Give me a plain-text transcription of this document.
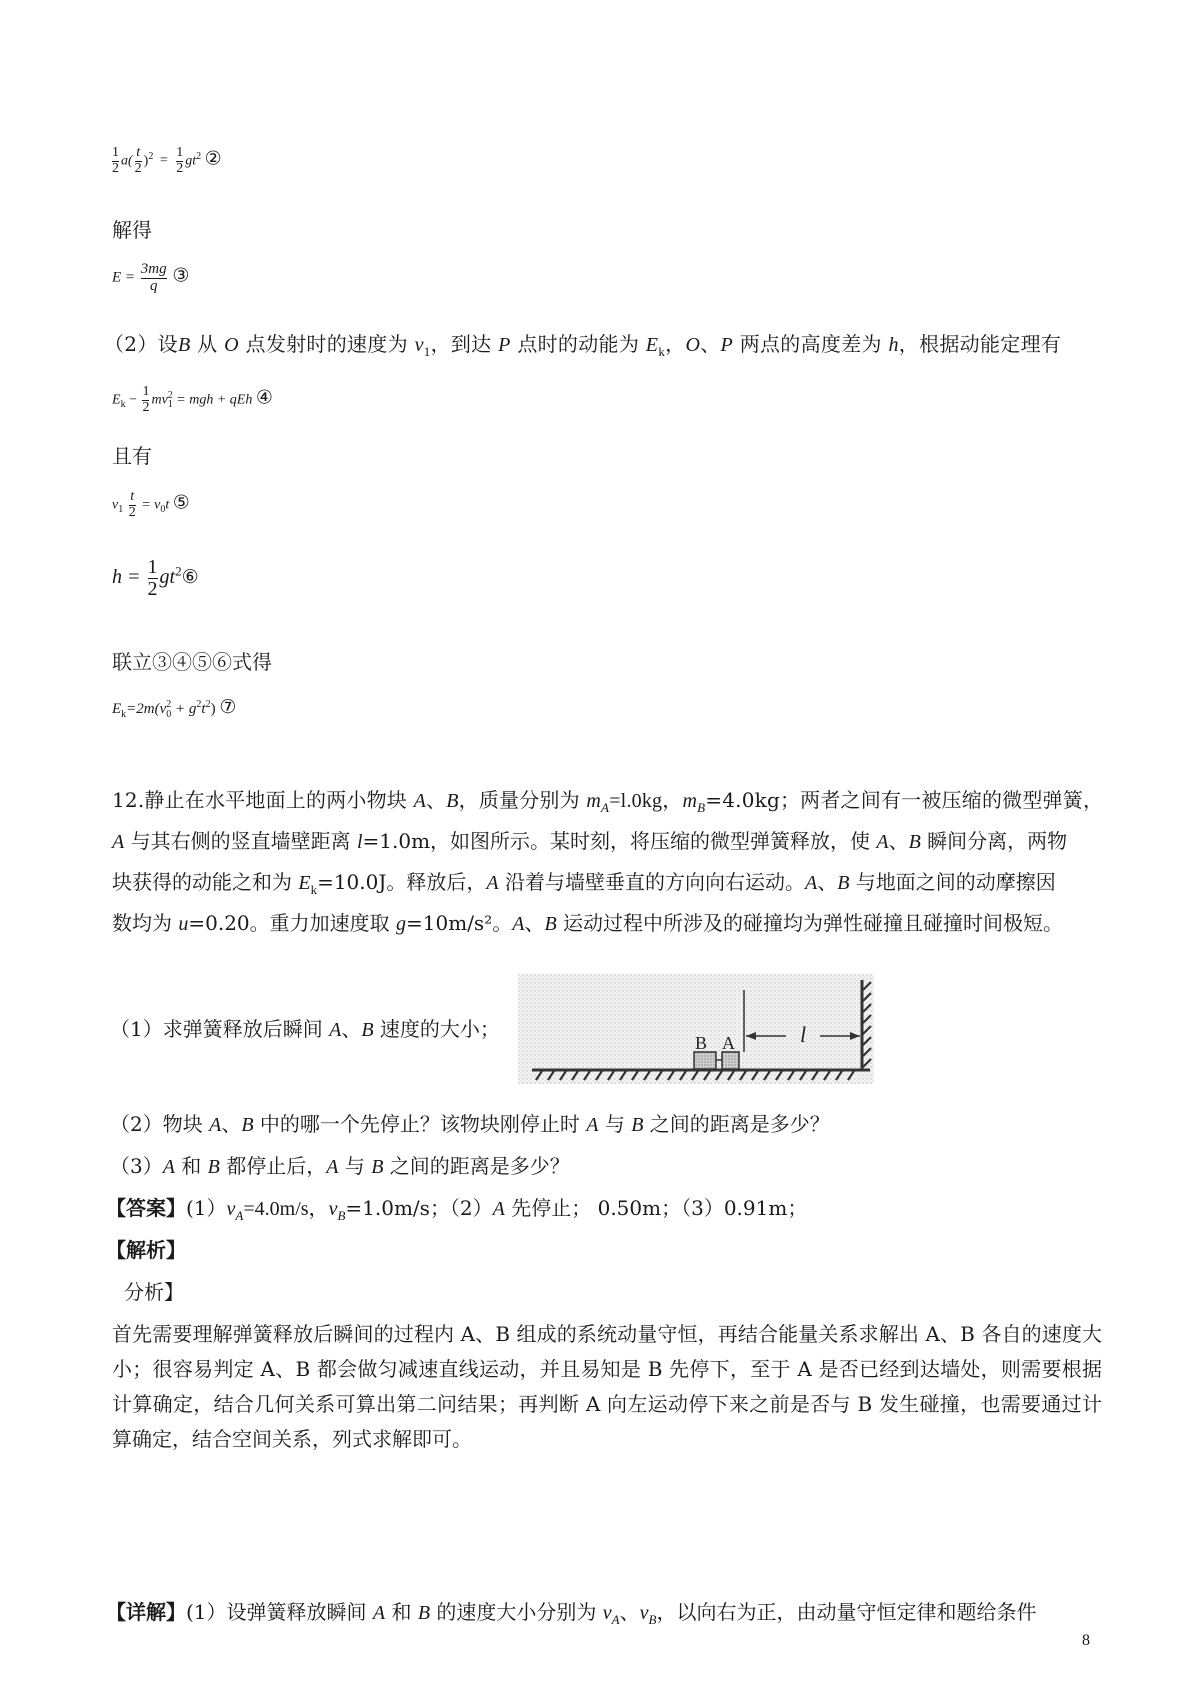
$\frac{1}{2} a( \frac{t}{2} )^2 = \frac{1}{2} gt^2$ ②
解得
$E = \frac{3mg}{q}$ ③
（2）设B 从 O 点发射时的速度为 $v_1$，到达 P 点时的动能为 $E_k$，O、P 两点的高度差为 h，根据动能定理有
$E_k - \frac{1}{2} mv_1^2$ = mgh + qEh ④
且有
$v_1 \frac{t}{2} = v_0t$ ⑤
$h = \frac{1}{2}$ $gt^2⑥$
联立③④⑤⑥式得
$E_k=2m(v_0^2 + g^2t^2)$ ⑦
12.静止在水平地面上的两小物块 A、B，质量分别为 $m_A=l.0kg$，$m_B=4.0kg$；两者之间有一被压缩的微型弹簧，
A 与其右侧的竖直墙壁距离 l=1.0m，如图所示。某时刻，将压缩的微型弹簧释放，使 A、B 瞬间分离，两物
块获得的动能之和为 $E_k=10.0J$。释放后，A 沿着与墙壁垂直的方向向右运动。A、B 与地面之间的动摩擦因
数均为 u=0.20。重力加速度取 g=10m/s²。A、B 运动过程中所涉及的碰撞均为弹性碰撞且碰撞时间极短。
（1）求弹簧释放后瞬间 A、B 速度的大小；
B A	l
（2）物块 A、B 中的哪一个先停止？该物块刚停止时 A 与 B 之间的距离是多少？
（3）A 和 B 都停止后，A 与 B 之间的距离是多少？
【答案】$(1)v_A=4.0m/s$，$v_B=1.0m/s$；（2）A 先停止； 0.50m；（3）0.91m；
【解析】
分析】
首先需要理解弹簧释放后瞬间的过程内 A、B 组成的系统动量守恒，再结合能量关系求解出 A、B 各自的速度大小；很容易判定 A、B 都会做匀减速直线运动，并且易知是 B 先停下，至于 A 是否已经到达墙处，则需要根据计算确定，结合几何关系可算出第二问结果；再判断 A 向左运动停下来之前是否与 B 发生碰撞，也需要通过计算确定，结合空间关系，列式求解即可。
【详解】(1）设弹簧释放瞬间 A 和 B 的速度大小分别为 $v_A$、$v_B$，以向右为正，由动量守恒定律和题给条件
8
